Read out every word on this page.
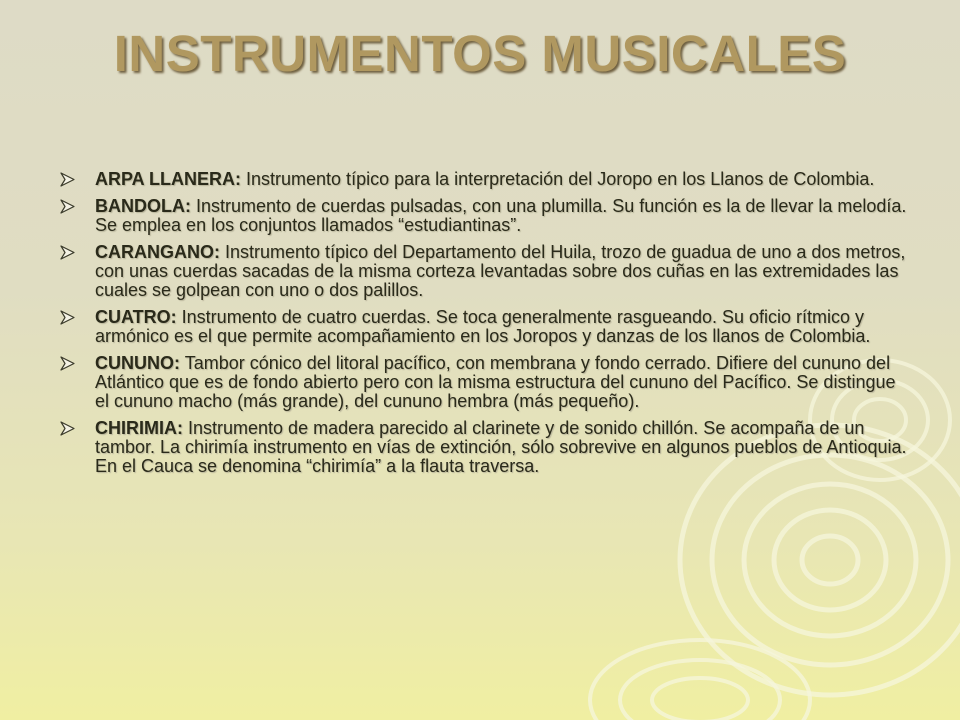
INSTRUMENTOS MUSICALES
ARPA LLANERA: Instrumento típico para la interpretación del Joropo en los Llanos de Colombia.
BANDOLA: Instrumento de cuerdas pulsadas, con una plumilla. Su función es la de llevar la melodía. Se emplea en los conjuntos llamados “estudiantinas”.
CARANGANO: Instrumento típico del Departamento del Huila, trozo de guadua de uno a dos metros, con unas cuerdas sacadas de la misma corteza levantadas sobre dos cuñas en las extremidades las cuales se golpean con uno o dos palillos.
CUATRO: Instrumento de cuatro cuerdas. Se toca generalmente rasgueando. Su oficio rítmico y armónico es el que permite acompañamiento en los Joropos y danzas de los llanos de Colombia.
CUNUNO: Tambor cónico del litoral pacífico, con membrana y fondo cerrado. Difiere del cununo del Atlántico que es de fondo abierto pero con la misma estructura del cununo del Pacífico. Se distingue el cununo macho (más grande), del cununo hembra (más pequeño).
CHIRIMIA: Instrumento de madera parecido al clarinete y de sonido chillón. Se acompaña de un tambor. La chirimía instrumento en vías de extinción, sólo sobrevive en algunos pueblos de Antioquia. En el Cauca se denomina “chirimía” a la flauta traversa.
